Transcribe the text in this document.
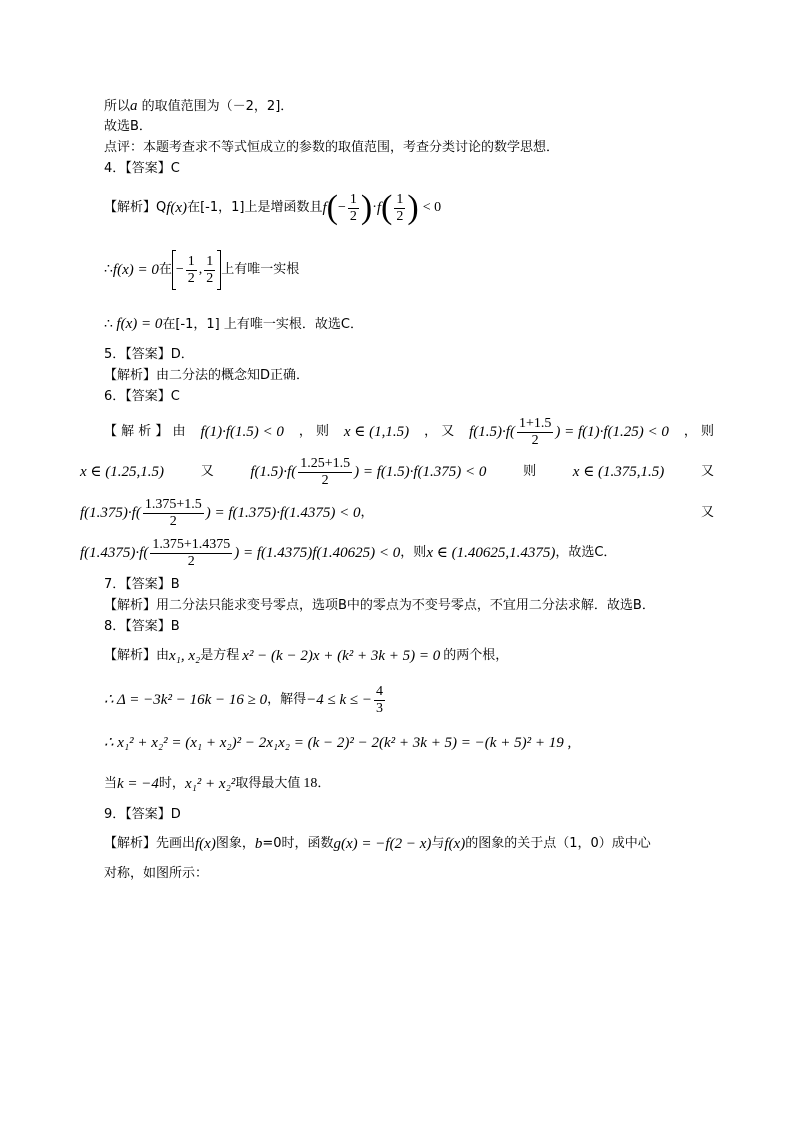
所以a 的取值范围为（－2，2]．
故选B．
点评：本题考查求不等式恒成立的参数的取值范围，考查分类讨论的数学思想．
4．【答案】C
【解析】Q f(x) 在[-1，1]上是增函数且 f ( − $\frac{1}{2}$ ) · f ( $\frac{1}{2}$ ) < 0
∴ f(x) = 0 在 − $\frac{1}{2}$ , $\frac{1}{2}$ 上有唯一实根
∴ f(x) = 0在[-1，1] 上有唯一实根．故选C．
5．【答案】D．
【解析】由二分法的概念知D正确．
6．【答案】C
【 解 析 】 由 f(1)·f(1.5) < 0 ， 则 x ∈ (1,1.5) ， 又 $f(1.5)\cdot f( \frac{1+1.5}{2}$ ) = f(1)·f(1.25) < 0 ， 则
x ∈ (1.25,1.5)	又 $f(1.5)\cdot f( \frac{1.25+1.5}{2}$ ) = f(1.5)·f(1.375) < 0	则 x ∈ (1.375,1.5)	又
$f(1.375)\cdot f( \frac{1.375+1.5}{2}$ ) = f(1.375)·f(1.4375) < 0 ，	又
$f(1.4375)\cdot f( \frac{1.375+1.4375}{2}$ ) = f(1.4375)f(1.40625) < 0 ，则 x ∈ (1.40625,1.4375) ，故选C．
7．【答案】B
【解析】用二分法只能求变号零点，选项B中的零点为不变号零点，不宜用二分法求解．故选B．
8．【答案】B
【解析】由 x₁, x₂ 是方程 x² − (k − 2)x + (k² + 3k + 5) = 0 的两个根，
∴ Δ = −3k² − 16k − 16 ≥ 0 ，解得 −4 ≤ k ≤ − $\frac{4}{3}$
∴ x₁² + x₂² = (x₁ + x₂)² − 2x₁x₂ = (k − 2)² − 2(k² + 3k + 5) = −(k + 5)² + 19 ,
当 k = −4 时， x₁² + x₂² 取得最大值 18 ．
9．【答案】D
【解析】先画出 f(x) 图象， b =0时，函数 g(x) = −f(2 − x) 与 f(x) 的图象的关于点（1，0）成中心
对称，如图所示：
